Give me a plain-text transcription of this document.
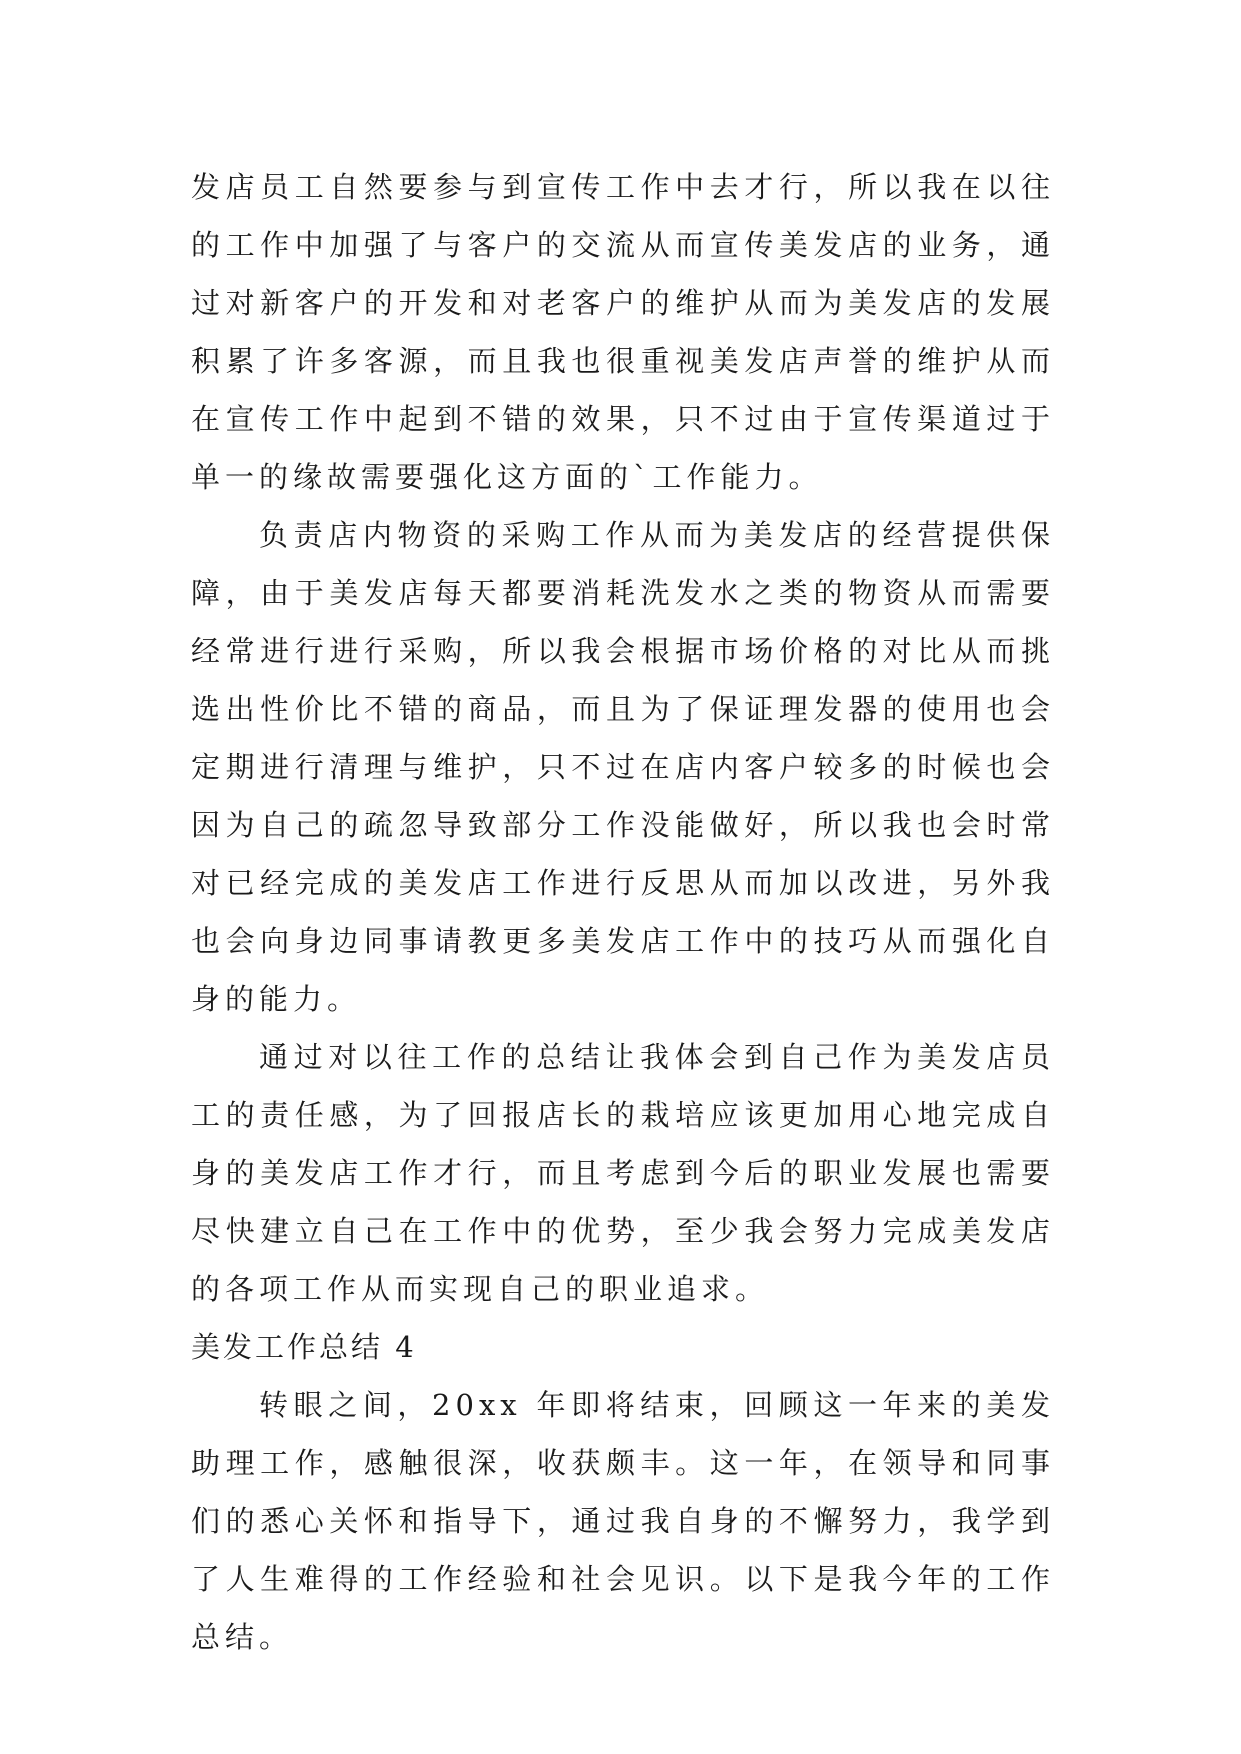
发店员工自然要参与到宣传工作中去才行，所以我在以往的工作中加强了与客户的交流从而宣传美发店的业务，通过对新客户的开发和对老客户的维护从而为美发店的发展积累了许多客源，而且我也很重视美发店声誉的维护从而在宣传工作中起到不错的效果，只不过由于宣传渠道过于单一的缘故需要强化这方面的`工作能力。

负责店内物资的采购工作从而为美发店的经营提供保障，由于美发店每天都要消耗洗发水之类的物资从而需要经常进行进行采购，所以我会根据市场价格的对比从而挑选出性价比不错的商品，而且为了保证理发器的使用也会定期进行清理与维护，只不过在店内客户较多的时候也会因为自己的疏忽导致部分工作没能做好，所以我也会时常对已经完成的美发店工作进行反思从而加以改进，另外我也会向身边同事请教更多美发店工作中的技巧从而强化自身的能力。

通过对以往工作的总结让我体会到自己作为美发店员工的责任感，为了回报店长的栽培应该更加用心地完成自身的美发店工作才行，而且考虑到今后的职业发展也需要尽快建立自己在工作中的优势，至少我会努力完成美发店的各项工作从而实现自己的职业追求。

美发工作总结 4

转眼之间，20xx 年即将结束，回顾这一年来的美发助理工作，感触很深，收获颇丰。这一年，在领导和同事们的悉心关怀和指导下，通过我自身的不懈努力，我学到了人生难得的工作经验和社会见识。以下是我今年的工作总结。
